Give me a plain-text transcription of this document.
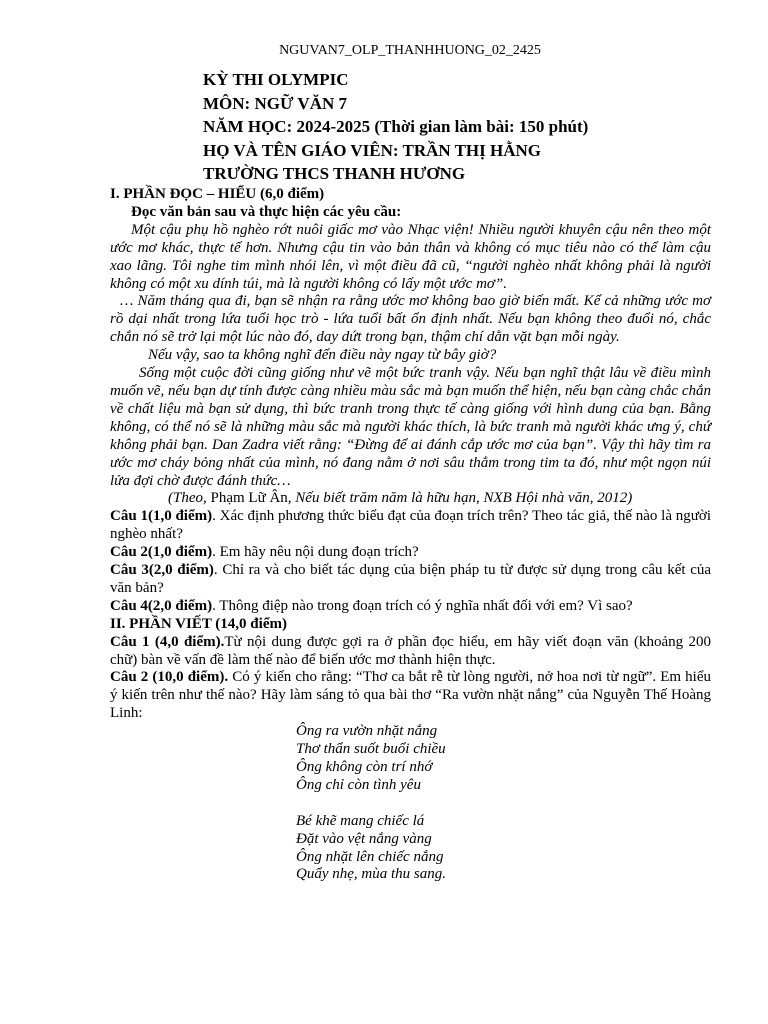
NGUVAN7_OLP_THANHHUONG_02_2425
KỲ THI OLYMPIC
MÔN: NGỮ VĂN 7
NĂM HỌC: 2024-2025 (Thời gian làm bài: 150 phút)
HỌ VÀ TÊN GIÁO VIÊN: TRẦN THỊ HẰNG
TRƯỜNG THCS THANH HƯƠNG

I. PHẦN ĐỌC – HIỂU (6,0 điểm)

Đọc văn bản sau và thực hiện các yêu cầu:

Một cậu phụ hồ nghèo rớt nuôi giấc mơ vào Nhạc viện! Nhiều người khuyên cậu nên theo một ước mơ khác, thực tế hơn. Nhưng cậu tin vào bản thân và không có mục tiêu nào có thể làm cậu xao lãng. Tôi nghe tim mình nhói lên, vì một điều đã cũ, “người nghèo nhất không phải là người không có một xu dính túi, mà là người không có lấy một ước mơ”.

… Năm tháng qua đi, bạn sẽ nhận ra rằng ước mơ không bao giờ biến mất. Kể cả những ước mơ rồ dại nhất trong lứa tuổi học trò - lứa tuổi bất ổn định nhất. Nếu bạn không theo đuổi nó, chắc chắn nó sẽ trở lại một lúc nào đó, day dứt trong bạn, thậm chí dằn vặt bạn mỗi ngày.

Nếu vậy, sao ta không nghĩ đến điều này ngay từ bây giờ?

Sống một cuộc đời cũng giống như vẽ một bức tranh vậy. Nếu bạn nghĩ thật lâu về điều mình muốn vẽ, nếu bạn dự tính được càng nhiều màu sắc mà bạn muốn thể hiện, nếu bạn càng chắc chắn về chất liệu mà bạn sử dụng, thì bức tranh trong thực tế càng giống với hình dung của bạn. Bằng không, có thể nó sẽ là những màu sắc mà người khác thích, là bức tranh mà người khác ưng ý, chứ không phải bạn. Dan Zadra viết rằng: “Đừng để ai đánh cắp ước mơ của bạn”. Vậy thì hãy tìm ra ước mơ cháy bỏng nhất của mình, nó đang nằm ở nơi sâu thẳm trong tim ta đó, như một ngọn núi lửa đợi chờ được đánh thức…

(Theo, Phạm Lữ Ân, Nếu biết trăm năm là hữu hạn, NXB Hội nhà văn, 2012)

Câu 1(1,0 điểm). Xác định phương thức biểu đạt của đoạn trích trên? Theo tác giả, thế nào là người nghèo nhất?

Câu 2(1,0 điểm). Em hãy nêu nội dung đoạn trích?

Câu 3(2,0 điểm). Chỉ ra và cho biết tác dụng của biện pháp tu từ được sử dụng trong câu kết của văn bản?

Câu 4(2,0 điểm). Thông điệp nào trong đoạn trích có ý nghĩa nhất đối với em? Vì sao?

II. PHẦN VIẾT (14,0 điểm)

Câu 1 (4,0 điểm).Từ nội dung được gợi ra ở phần đọc hiểu, em hãy viết đoạn văn (khoảng 200 chữ) bàn về vấn đề làm thế nào để biến ước mơ thành hiện thực.

Câu 2 (10,0 điểm). Có ý kiến cho rằng: “Thơ ca bắt rễ từ lòng người, nở hoa nơi từ ngữ”. Em hiểu ý kiến trên như thế nào? Hãy làm sáng tỏ qua bài thơ “Ra vườn nhặt nắng” của Nguyễn Thế Hoàng Linh:

Ông ra vườn nhặt nắng
Thơ thẩn suốt buổi chiều
Ông không còn trí nhớ
Ông chỉ còn tình yêu
Bé khẽ mang chiếc lá
Đặt vào vệt nắng vàng
Ông nhặt lên chiếc nắng
Quẩy nhẹ, mùa thu sang.
